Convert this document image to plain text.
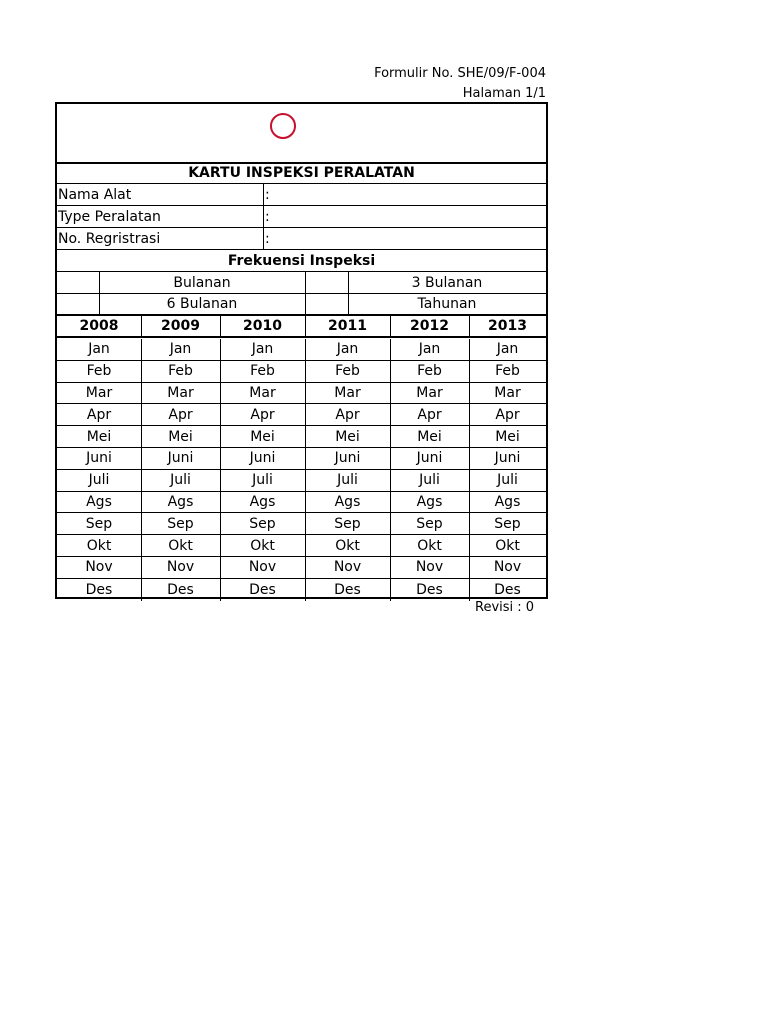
Formulir No. SHE/09/F-004
Halaman 1/1
KARTU INSPEKSI PERALATAN
Nama Alat	:
Type Peralatan	:
No. Regristrasi	:
Frekuensi Inspeksi
Bulanan	3 Bulanan
6 Bulanan	Tahunan
2008	2009	2010	2011	2012	2013
Jan	Jan	Jan	Jan	Jan	Jan
Feb	Feb	Feb	Feb	Feb	Feb
Mar	Mar	Mar	Mar	Mar	Mar
Apr	Apr	Apr	Apr	Apr	Apr
Mei	Mei	Mei	Mei	Mei	Mei
Juni	Juni	Juni	Juni	Juni	Juni
Juli	Juli	Juli	Juli	Juli	Juli
Ags	Ags	Ags	Ags	Ags	Ags
Sep	Sep	Sep	Sep	Sep	Sep
Okt	Okt	Okt	Okt	Okt	Okt
Nov	Nov	Nov	Nov	Nov	Nov
Des	Des	Des	Des	Des	Des
Revisi : 0
